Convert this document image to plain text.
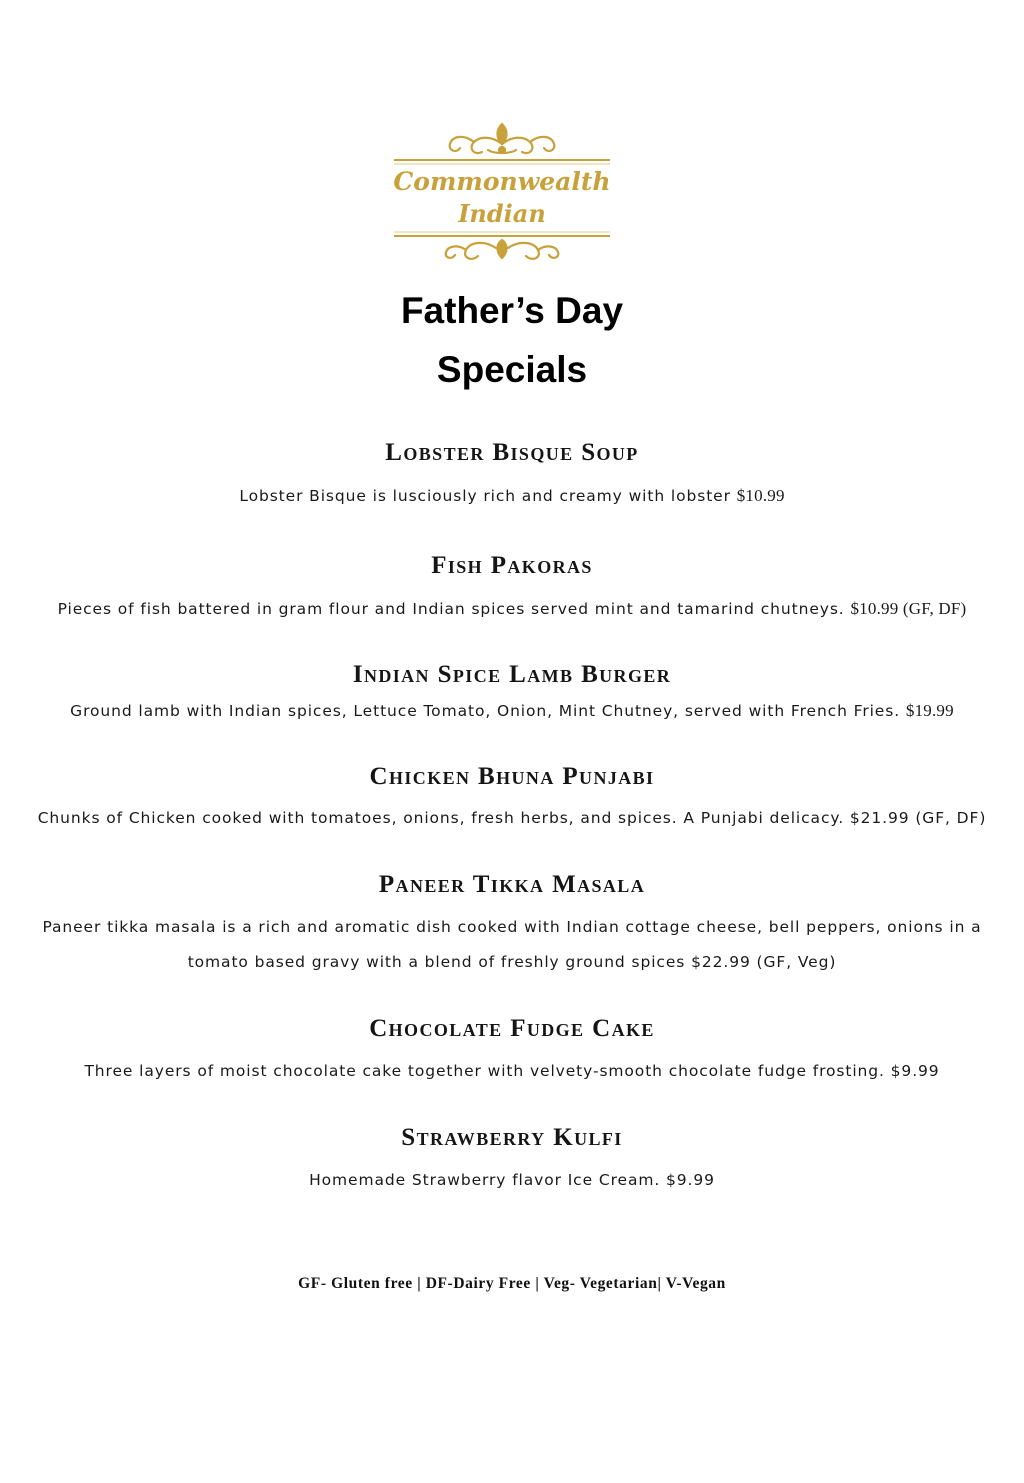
Commonwealth
Indian
Father’s Day
Specials
Lobster Bisque Soup
Lobster Bisque is lusciously rich and creamy with lobster $10.99
Fish Pakoras
Pieces of fish battered in gram flour and Indian spices served mint and tamarind chutneys. $10.99 (GF, DF)
Indian Spice Lamb Burger
Ground lamb with Indian spices, Lettuce Tomato, Onion, Mint Chutney, served with French Fries. $19.99
Chicken Bhuna Punjabi
Chunks of Chicken cooked with tomatoes, onions, fresh herbs, and spices. A Punjabi delicacy. $21.99 (GF, DF)
Paneer Tikka Masala
Paneer tikka masala is a rich and aromatic dish cooked with Indian cottage cheese, bell peppers, onions in a tomato based gravy with a blend of freshly ground spices $22.99 (GF, Veg)
Chocolate Fudge Cake
Three layers of moist chocolate cake together with velvety-smooth chocolate fudge frosting. $9.99
Strawberry Kulfi
Homemade Strawberry flavor Ice Cream. $9.99
GF- Gluten free | DF-Dairy Free | Veg- Vegetarian| V-Vegan
